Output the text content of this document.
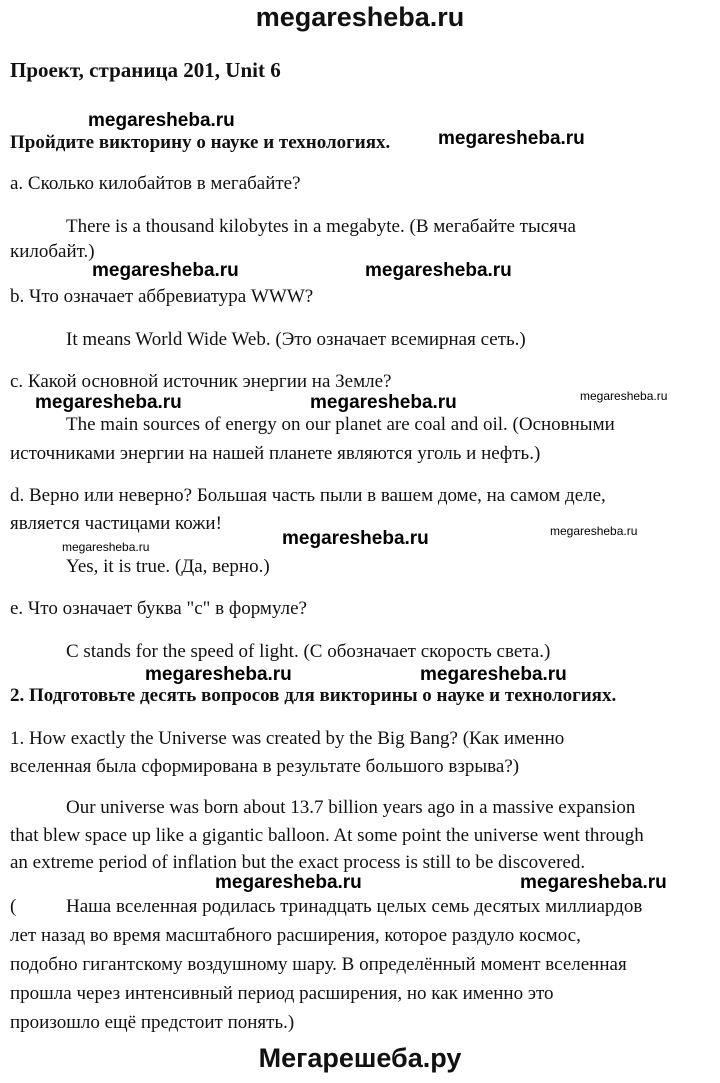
megaresheba.ru
Проект, страница 201, Unit 6
megaresheba.ru
Пройдите викторину о науке и технологиях.	megaresheba.ru
a. Сколько килобайтов в мегабайте?
There is a thousand kilobytes in a megabyte. (В мегабайте тысяча
килобайт.)
megaresheba.ru	megaresheba.ru
b. Что означает аббревиатура WWW?
It means World Wide Web. (Это означает всемирная сеть.)
c. Какой основной источник энергии на Земле?
megaresheba.ru
megaresheba.ru	megaresheba.ru
The main sources of energy on our planet are coal and oil. (Основными
источниками энергии на нашей планете являются уголь и нефть.)
d. Верно или неверно? Большая часть пыли в вашем доме, на самом деле,
является частицами кожи!	megaresheba.ru
megaresheba.ru	megaresheba.ru
Yes, it is true. (Да, верно.)
e. Что означает буква "с" в формуле?
C stands for the speed of light. (С обозначает скорость света.)
megaresheba.ru	megaresheba.ru
2. Подготовьте десять вопросов для викторины о науке и технологиях.
1. How exactly the Universe was created by the Big Bang? (Как именно
вселенная была сформирована в результате большого взрыва?)
Our universe was born about 13.7 billion years ago in a massive expansion
that blew space up like a gigantic balloon. At some point the universe went through
an extreme period of inflation but the exact process is still to be discovered.
megaresheba.ru	megaresheba.ru
(	Наша вселенная родилась тринадцать целых семь десятых миллиардов
лет назад во время масштабного расширения, которое раздуло космос,
подобно гигантскому воздушному шару. В определённый момент вселенная
прошла через интенсивный период расширения, но как именно это
произошло ещё предстоит понять.)
Мегарешеба.ру
